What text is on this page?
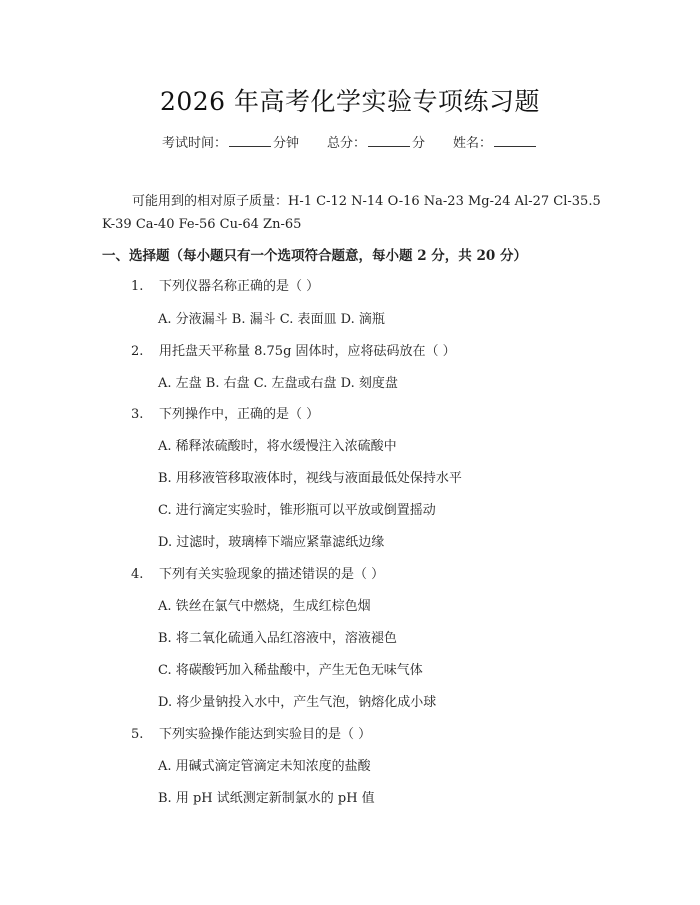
2026 年高考化学实验专项练习题
考试时间：	分钟 总分：	分 姓名：
可能用到的相对原子质量：H-1 C-12 N-14 O-16 Na-23 Mg-24 Al-27 Cl-35.5
K-39 Ca-40 Fe-56 Cu-64 Zn-65
一、选择题（每小题只有一个选项符合题意，每小题 2 分，共 20 分）
1. 下列仪器名称正确的是（ ）
A. 分液漏斗 B. 漏斗 C. 表面皿 D. 滴瓶
2. 用托盘天平称量 8.75g 固体时，应将砝码放在（ ）
A. 左盘 B. 右盘 C. 左盘或右盘 D. 刻度盘
3. 下列操作中，正确的是（ ）
A. 稀释浓硫酸时，将水缓慢注入浓硫酸中
B. 用移液管移取液体时，视线与液面最低处保持水平
C. 进行滴定实验时，锥形瓶可以平放或倒置摇动
D. 过滤时，玻璃棒下端应紧靠滤纸边缘
4. 下列有关实验现象的描述错误的是（ ）
A. 铁丝在氯气中燃烧，生成红棕色烟
B. 将二氧化硫通入品红溶液中，溶液褪色
C. 将碳酸钙加入稀盐酸中，产生无色无味气体
D. 将少量钠投入水中，产生气泡，钠熔化成小球
5. 下列实验操作能达到实验目的是（ ）
A. 用碱式滴定管滴定未知浓度的盐酸
B. 用 pH 试纸测定新制氯水的 pH 值
